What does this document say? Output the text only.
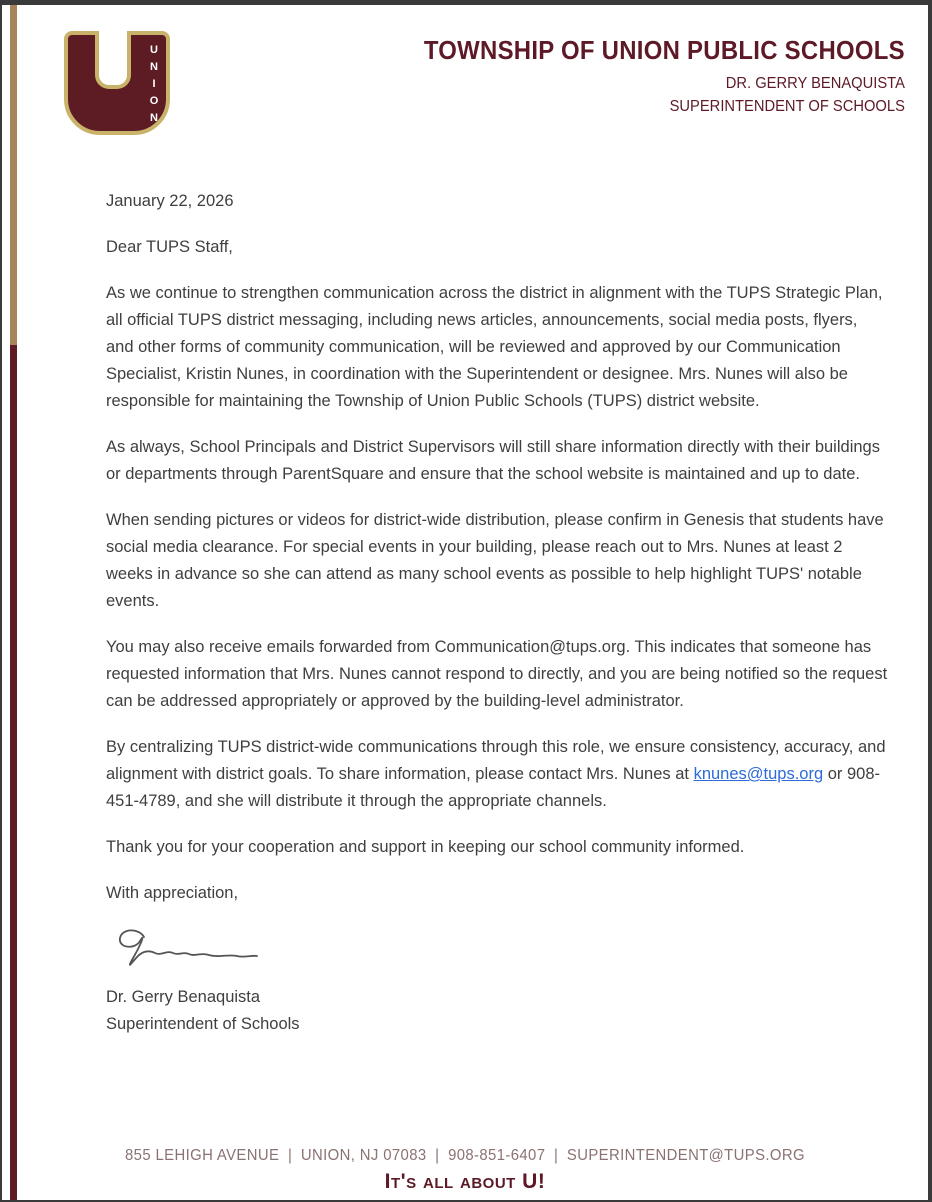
UNION	TOWNSHIP OF UNION PUBLIC SCHOOLS
DR. GERRY BENAQUISTA
SUPERINTENDENT OF SCHOOLS

January 22, 2026

Dear TUPS Staff,

As we continue to strengthen communication across the district in alignment with the TUPS Strategic Plan, all official TUPS district messaging, including news articles, announcements, social media posts, flyers, and other forms of community communication, will be reviewed and approved by our Communication Specialist, Kristin Nunes, in coordination with the Superintendent or designee. Mrs. Nunes will also be responsible for maintaining the Township of Union Public Schools (TUPS) district website.

As always, School Principals and District Supervisors will still share information directly with their buildings or departments through ParentSquare and ensure that the school website is maintained and up to date.

When sending pictures or videos for district-wide distribution, please confirm in Genesis that students have social media clearance. For special events in your building, please reach out to Mrs. Nunes at least 2 weeks in advance so she can attend as many school events as possible to help highlight TUPS' notable events.

You may also receive emails forwarded from Communication@tups.org. This indicates that someone has requested information that Mrs. Nunes cannot respond to directly, and you are being notified so the request can be addressed appropriately or approved by the building-level administrator.

By centralizing TUPS district-wide communications through this role, we ensure consistency, accuracy, and alignment with district goals. To share information, please contact Mrs. Nunes at knunes@tups.org or 908-451-4789, and she will distribute it through the appropriate channels.

Thank you for your cooperation and support in keeping our school community informed.

With appreciation,

Dr. Gerry Benaquista
Superintendent of Schools
855 LEHIGH AVENUE | UNION, NJ 07083 | 908-851-6407 | SUPERINTENDENT@TUPS.ORG
It's all about U!
